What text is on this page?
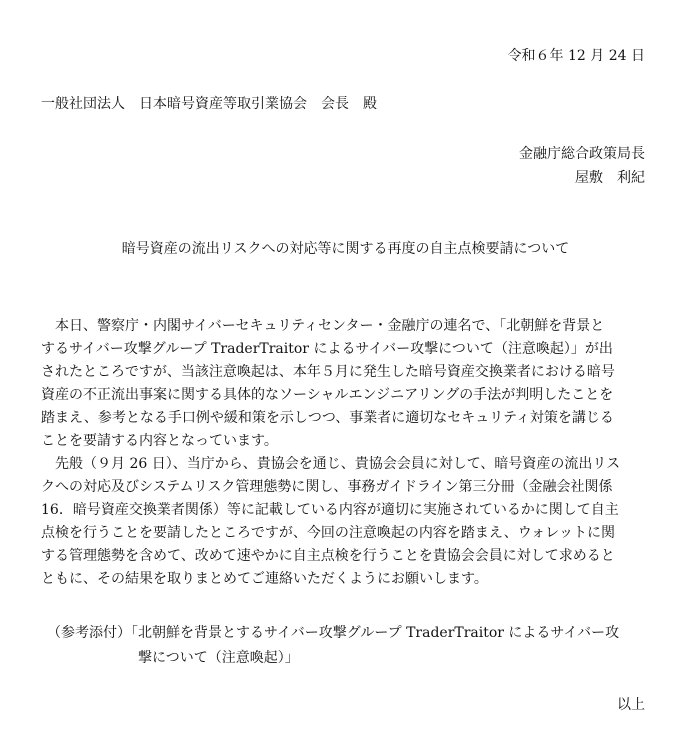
令和６年 12 月 24 日

一般社団法人　日本暗号資産等取引業協会　会長　殿

金融庁総合政策局長

屋敷　利紀

暗号資産の流出リスクへの対応等に関する再度の自主点検要請について

　本日、警察庁・内閣サイバーセキュリティセンター・金融庁の連名で、「北朝鮮を背景と
するサイバー攻撃グループ TraderTraitor によるサイバー攻撃について（注意喚起）」が出
されたところですが、当該注意喚起は、本年５月に発生した暗号資産交換業者における暗号
資産の不正流出事案に関する具体的なソーシャルエンジニアリングの手法が判明したことを
踏まえ、参考となる手口例や緩和策を示しつつ、事業者に適切なセキュリティ対策を講じる
ことを要請する内容となっています。
　先般（９月 26 日）、当庁から、貴協会を通じ、貴協会会員に対して、暗号資産の流出リス
クへの対応及びシステムリスク管理態勢に関し、事務ガイドライン第三分冊（金融会社関係
16．暗号資産交換業者関係）等に記載している内容が適切に実施されているかに関して自主
点検を行うことを要請したところですが、今回の注意喚起の内容を踏まえ、ウォレットに関
する管理態勢を含めて、改めて速やかに自主点検を行うことを貴協会会員に対して求めると
ともに、その結果を取りまとめてご連絡いただくようにお願いします。

（参考添付）「北朝鮮を背景とするサイバー攻撃グループ TraderTraitor によるサイバー攻

撃について（注意喚起）」

以上
